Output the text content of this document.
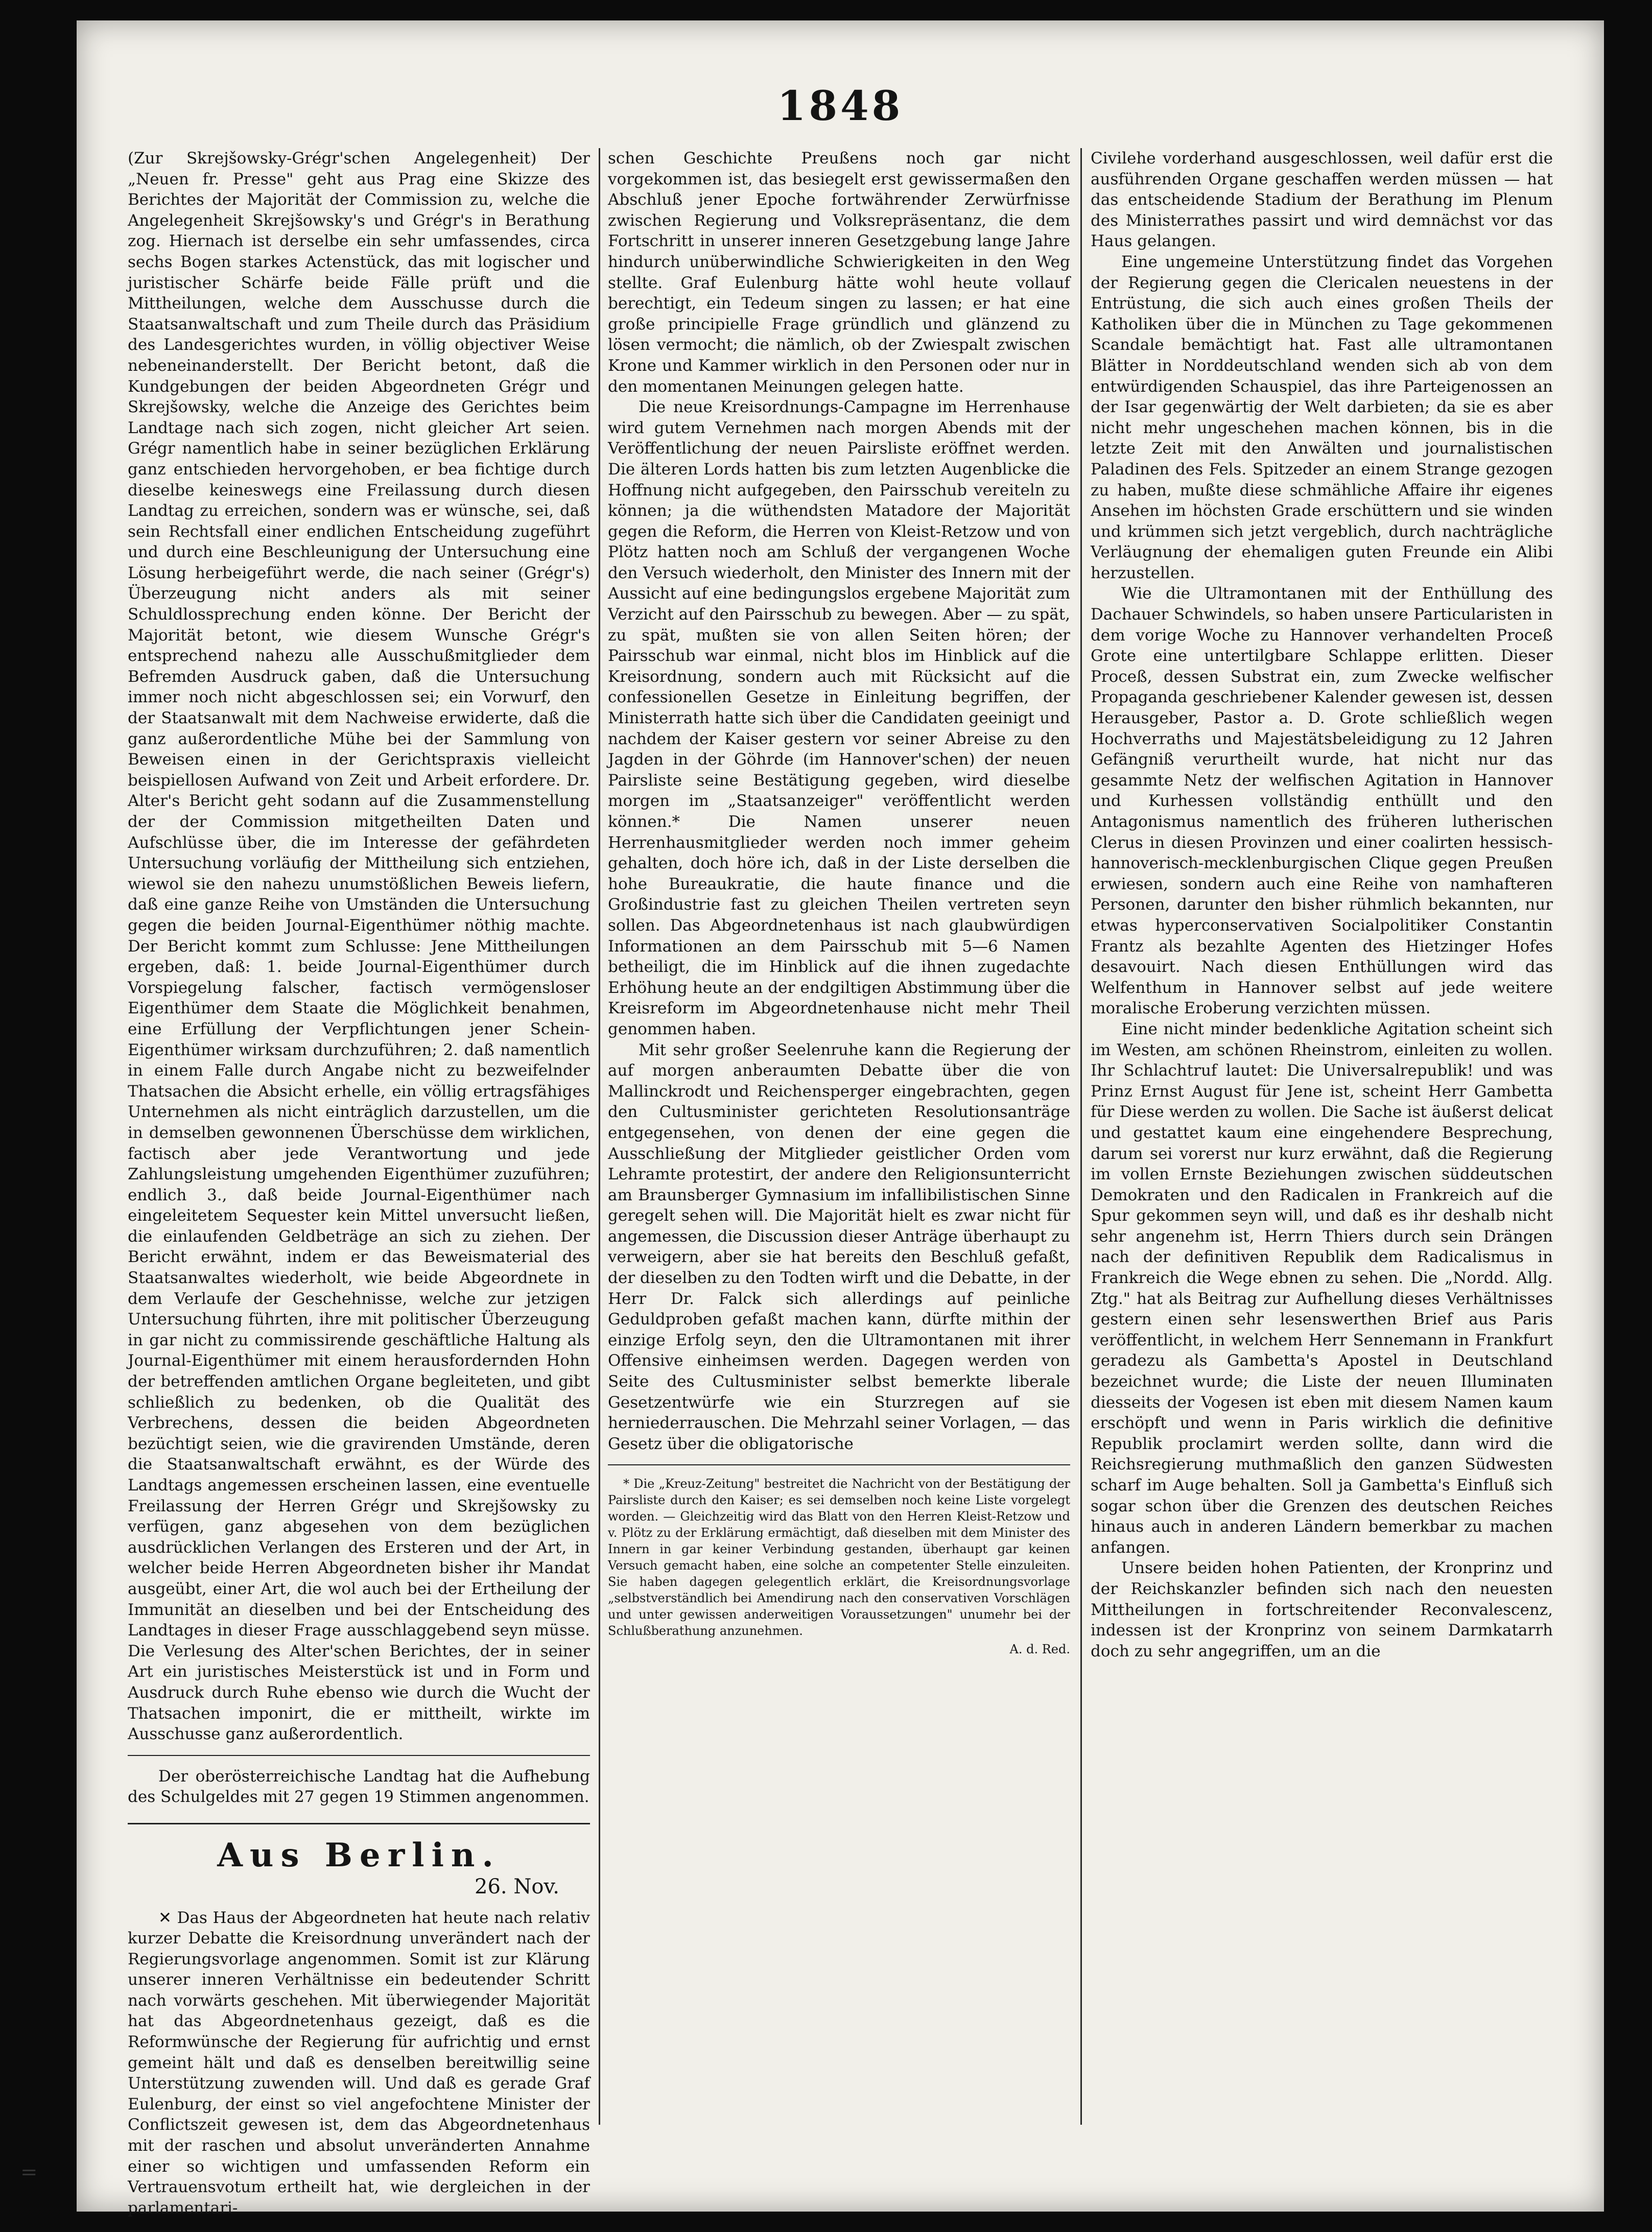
1848

(Zur Skrejšowsky-Grégr'schen Angelegenheit) Der „Neuen fr. Presse" geht aus Prag eine Skizze des Berichtes der Majorität der Commission zu, welche die Angelegenheit Skrejšowsky's und Grégr's in Berathung zog. Hiernach ist derselbe ein sehr umfassendes, circa sechs Bogen starkes Actenstück, das mit logischer und juristischer Schärfe beide Fälle prüft und die Mittheilungen, welche dem Ausschusse durch die Staatsanwaltschaft und zum Theile durch das Präsidium des Landesgerichtes wurden, in völlig objectiver Weise nebeneinanderstellt. Der Bericht betont, daß die Kundgebungen der beiden Abgeordneten Grégr und Skrejšowsky, welche die Anzeige des Gerichtes beim Landtage nach sich zogen, nicht gleicher Art seien. Grégr namentlich habe in seiner bezüglichen Erklärung ganz entschieden hervorgehoben, er bea fichtige durch dieselbe keineswegs eine Freilassung durch diesen Landtag zu erreichen, sondern was er wünsche, sei, daß sein Rechtsfall einer endlichen Entscheidung zugeführt und durch eine Beschleunigung der Untersuchung eine Lösung herbeigeführt werde, die nach seiner (Grégr's) Überzeugung nicht anders als mit seiner Schuldlossprechung enden könne. Der Bericht der Majorität betont, wie diesem Wunsche Grégr's entsprechend nahezu alle Ausschußmitglieder dem Befremden Ausdruck gaben, daß die Untersuchung immer noch nicht abgeschlossen sei; ein Vorwurf, den der Staatsanwalt mit dem Nachweise erwiderte, daß die ganz außerordentliche Mühe bei der Sammlung von Beweisen einen in der Gerichtspraxis vielleicht beispiellosen Aufwand von Zeit und Arbeit erfordere. Dr. Alter's Bericht geht sodann auf die Zusammenstellung der der Commission mitgetheilten Daten und Aufschlüsse über, die im Interesse der gefährdeten Untersuchung vorläufig der Mittheilung sich entziehen, wiewol sie den nahezu unumstößlichen Beweis liefern, daß eine ganze Reihe von Umständen die Untersuchung gegen die beiden Journal-Eigenthümer nöthig machte. Der Bericht kommt zum Schlusse: Jene Mittheilungen ergeben, daß: 1. beide Journal-Eigenthümer durch Vorspiegelung falscher, factisch vermögensloser Eigenthümer dem Staate die Möglichkeit benahmen, eine Erfüllung der Verpflichtungen jener Schein-Eigenthümer wirksam durchzuführen; 2. daß namentlich in einem Falle durch Angabe nicht zu bezweifelnder Thatsachen die Absicht erhelle, ein völlig ertragsfähiges Unternehmen als nicht einträglich darzustellen, um die in demselben gewonnenen Überschüsse dem wirklichen, factisch aber jede Verantwortung und jede Zahlungsleistung umgehenden Eigenthümer zuzuführen; endlich 3., daß beide Journal-Eigenthümer nach eingeleitetem Sequester kein Mittel unversucht ließen, die einlaufenden Geldbeträge an sich zu ziehen. Der Bericht erwähnt, indem er das Beweismaterial des Staatsanwaltes wiederholt, wie beide Abgeordnete in dem Verlaufe der Geschehnisse, welche zur jetzigen Untersuchung führten, ihre mit politischer Überzeugung in gar nicht zu commissirende geschäftliche Haltung als Journal-Eigenthümer mit einem herausfordernden Hohn der betreffenden amtlichen Organe begleiteten, und gibt schließlich zu bedenken, ob die Qualität des Verbrechens, dessen die beiden Abgeordneten bezüchtigt seien, wie die gravirenden Umstände, deren die Staatsanwaltschaft erwähnt, es der Würde des Landtags angemessen erscheinen lassen, eine eventuelle Freilassung der Herren Grégr und Skrejšowsky zu verfügen, ganz abgesehen von dem bezüglichen ausdrücklichen Verlangen des Ersteren und der Art, in welcher beide Herren Abgeordneten bisher ihr Mandat ausgeübt, einer Art, die wol auch bei der Ertheilung der Immunität an dieselben und bei der Entscheidung des Landtages in dieser Frage ausschlaggebend seyn müsse. Die Verlesung des Alter'schen Berichtes, der in seiner Art ein juristisches Meisterstück ist und in Form und Ausdruck durch Ruhe ebenso wie durch die Wucht der Thatsachen imponirt, die er mittheilt, wirkte im Ausschusse ganz außerordentlich.

Der oberösterreichische Landtag hat die Aufhebung des Schulgeldes mit 27 gegen 19 Stimmen angenommen.

Aus Berlin.
26. Nov.

✕ Das Haus der Abgeordneten hat heute nach relativ kurzer Debatte die Kreisordnung unverändert nach der Regierungsvorlage angenommen. Somit ist zur Klärung unserer inneren Verhältnisse ein bedeutender Schritt nach vorwärts geschehen. Mit überwiegender Majorität hat das Abgeordnetenhaus gezeigt, daß es die Reformwünsche der Regierung für aufrichtig und ernst gemeint hält und daß es denselben bereitwillig seine Unterstützung zuwenden will. Und daß es gerade Graf Eulenburg, der einst so viel angefochtene Minister der Conflictszeit gewesen ist, dem das Abgeordnetenhaus mit der raschen und absolut unveränderten Annahme einer so wichtigen und umfassenden Reform ein Vertrauensvotum ertheilt hat, wie dergleichen in der parlamentari-

schen Geschichte Preußens noch gar nicht vorgekommen ist, das besiegelt erst gewissermaßen den Abschluß jener Epoche fortwährender Zerwürfnisse zwischen Regierung und Volksrepräsentanz, die dem Fortschritt in unserer inneren Gesetzgebung lange Jahre hindurch unüberwindliche Schwierigkeiten in den Weg stellte. Graf Eulenburg hätte wohl heute vollauf berechtigt, ein Tedeum singen zu lassen; er hat eine große principielle Frage gründlich und glänzend zu lösen vermocht; die nämlich, ob der Zwiespalt zwischen Krone und Kammer wirklich in den Personen oder nur in den momentanen Meinungen gelegen hatte.

Die neue Kreisordnungs-Campagne im Herrenhause wird gutem Vernehmen nach morgen Abends mit der Veröffentlichung der neuen Pairsliste eröffnet werden. Die älteren Lords hatten bis zum letzten Augenblicke die Hoffnung nicht aufgegeben, den Pairsschub vereiteln zu können; ja die wüthendsten Matadore der Majorität gegen die Reform, die Herren von Kleist-Retzow und von Plötz hatten noch am Schluß der vergangenen Woche den Versuch wiederholt, den Minister des Innern mit der Aussicht auf eine bedingungslos ergebene Majorität zum Verzicht auf den Pairsschub zu bewegen. Aber — zu spät, zu spät, mußten sie von allen Seiten hören; der Pairsschub war einmal, nicht blos im Hinblick auf die Kreisordnung, sondern auch mit Rücksicht auf die confessionellen Gesetze in Einleitung begriffen, der Ministerrath hatte sich über die Candidaten geeinigt und nachdem der Kaiser gestern vor seiner Abreise zu den Jagden in der Göhrde (im Hannover'schen) der neuen Pairsliste seine Bestätigung gegeben, wird dieselbe morgen im „Staatsanzeiger" veröffentlicht werden können.* Die Namen unserer neuen Herrenhausmitglieder werden noch immer geheim gehalten, doch höre ich, daß in der Liste derselben die hohe Bureaukratie, die haute finance und die Großindustrie fast zu gleichen Theilen vertreten seyn sollen. Das Abgeordnetenhaus ist nach glaubwürdigen Informationen an dem Pairsschub mit 5—6 Namen betheiligt, die im Hinblick auf die ihnen zugedachte Erhöhung heute an der endgiltigen Abstimmung über die Kreisreform im Abgeordnetenhause nicht mehr Theil genommen haben.

Mit sehr großer Seelenruhe kann die Regierung der auf morgen anberaumten Debatte über die von Mallinckrodt und Reichensperger eingebrachten, gegen den Cultusminister gerichteten Resolutionsanträge entgegensehen, von denen der eine gegen die Ausschließung der Mitglieder geistlicher Orden vom Lehramte protestirt, der andere den Religionsunterricht am Braunsberger Gymnasium im infallibilistischen Sinne geregelt sehen will. Die Majorität hielt es zwar nicht für angemessen, die Discussion dieser Anträge überhaupt zu verweigern, aber sie hat bereits den Beschluß gefaßt, der dieselben zu den Todten wirft und die Debatte, in der Herr Dr. Falck sich allerdings auf peinliche Geduldproben gefaßt machen kann, dürfte mithin der einzige Erfolg seyn, den die Ultramontanen mit ihrer Offensive einheimsen werden. Dagegen werden von Seite des Cultusminister selbst bemerkte liberale Gesetzentwürfe wie ein Sturzregen auf sie herniederrauschen. Die Mehrzahl seiner Vorlagen, — das Gesetz über die obligatorische

* Die „Kreuz-Zeitung" bestreitet die Nachricht von der Bestätigung der Pairsliste durch den Kaiser; es sei demselben noch keine Liste vorgelegt worden. — Gleichzeitig wird das Blatt von den Herren Kleist-Retzow und v. Plötz zu der Erklärung ermächtigt, daß dieselben mit dem Minister des Innern in gar keiner Verbindung gestanden, überhaupt gar keinen Versuch gemacht haben, eine solche an competenter Stelle einzuleiten. Sie haben dagegen gelegentlich erklärt, die Kreisordnungsvorlage „selbstverständlich bei Amendirung nach den conservativen Vorschlägen und unter gewissen anderweitigen Voraussetzungen" unumehr bei der Schlußberathung anzunehmen.

A. d. Red.

Civilehe vorderhand ausgeschlossen, weil dafür erst die ausführenden Organe geschaffen werden müssen — hat das entscheidende Stadium der Berathung im Plenum des Ministerrathes passirt und wird demnächst vor das Haus gelangen.

Eine ungemeine Unterstützung findet das Vorgehen der Regierung gegen die Clericalen neuestens in der Entrüstung, die sich auch eines großen Theils der Katholiken über die in München zu Tage gekommenen Scandale bemächtigt hat. Fast alle ultramontanen Blätter in Norddeutschland wenden sich ab von dem entwürdigenden Schauspiel, das ihre Parteigenossen an der Isar gegenwärtig der Welt darbieten; da sie es aber nicht mehr ungeschehen machen können, bis in die letzte Zeit mit den Anwälten und journalistischen Paladinen des Fels. Spitzeder an einem Strange gezogen zu haben, mußte diese schmähliche Affaire ihr eigenes Ansehen im höchsten Grade erschüttern und sie winden und krümmen sich jetzt vergeblich, durch nachträgliche Verläugnung der ehemaligen guten Freunde ein Alibi herzustellen.

Wie die Ultramontanen mit der Enthüllung des Dachauer Schwindels, so haben unsere Particularisten in dem vorige Woche zu Hannover verhandelten Proceß Grote eine untertilgbare Schlappe erlitten. Dieser Proceß, dessen Substrat ein, zum Zwecke welfischer Propaganda geschriebener Kalender gewesen ist, dessen Herausgeber, Pastor a. D. Grote schließlich wegen Hochverraths und Majestätsbeleidigung zu 12 Jahren Gefängniß verurtheilt wurde, hat nicht nur das gesammte Netz der welfischen Agitation in Hannover und Kurhessen vollständig enthüllt und den Antagonismus namentlich des früheren lutherischen Clerus in diesen Provinzen und einer coalirten hessisch-hannoverisch-mecklenburgischen Clique gegen Preußen erwiesen, sondern auch eine Reihe von namhafteren Personen, darunter den bisher rühmlich bekannten, nur etwas hyperconservativen Socialpolitiker Constantin Frantz als bezahlte Agenten des Hietzinger Hofes desavouirt. Nach diesen Enthüllungen wird das Welfenthum in Hannover selbst auf jede weitere moralische Eroberung verzichten müssen.

Eine nicht minder bedenkliche Agitation scheint sich im Westen, am schönen Rheinstrom, einleiten zu wollen. Ihr Schlachtruf lautet: Die Universalrepublik! und was Prinz Ernst August für Jene ist, scheint Herr Gambetta für Diese werden zu wollen. Die Sache ist äußerst delicat und gestattet kaum eine eingehendere Besprechung, darum sei vorerst nur kurz erwähnt, daß die Regierung im vollen Ernste Beziehungen zwischen süddeutschen Demokraten und den Radicalen in Frankreich auf die Spur gekommen seyn will, und daß es ihr deshalb nicht sehr angenehm ist, Herrn Thiers durch sein Drängen nach der definitiven Republik dem Radicalismus in Frankreich die Wege ebnen zu sehen. Die „Nordd. Allg. Ztg." hat als Beitrag zur Aufhellung dieses Verhältnisses gestern einen sehr lesenswerthen Brief aus Paris veröffentlicht, in welchem Herr Sennemann in Frankfurt geradezu als Gambetta's Apostel in Deutschland bezeichnet wurde; die Liste der neuen Illuminaten diesseits der Vogesen ist eben mit diesem Namen kaum erschöpft und wenn in Paris wirklich die definitive Republik proclamirt werden sollte, dann wird die Reichsregierung muthmaßlich den ganzen Südwesten scharf im Auge behalten. Soll ja Gambetta's Einfluß sich sogar schon über die Grenzen des deutschen Reiches hinaus auch in anderen Ländern bemerkbar zu machen anfangen.

Unsere beiden hohen Patienten, der Kronprinz und der Reichskanzler befinden sich nach den neuesten Mittheilungen in fortschreitender Reconvalescenz, indessen ist der Kronprinz von seinem Darmkatarrh doch zu sehr angegriffen, um an die

=
